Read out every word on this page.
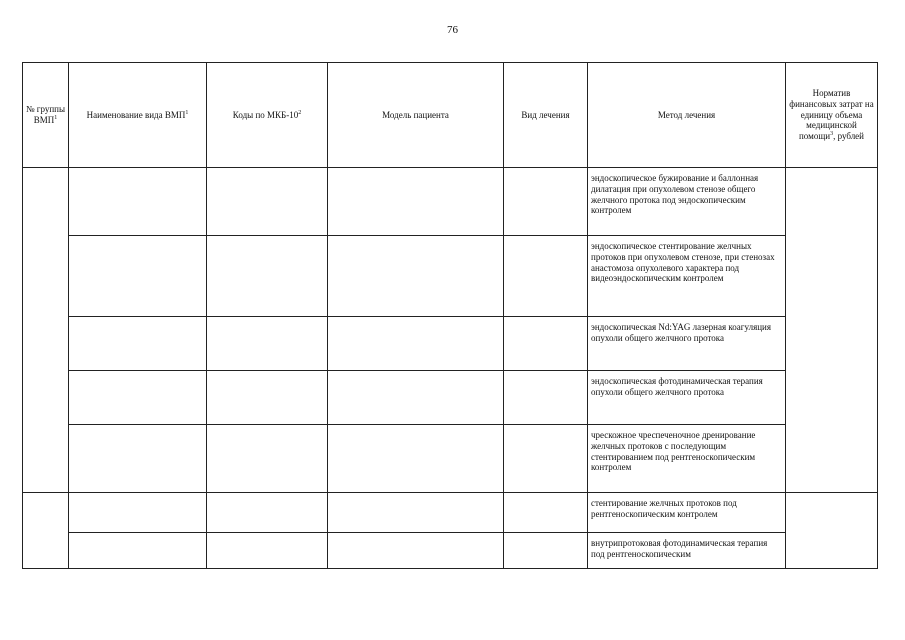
76
№ группы ВМП$^1$	Наименование вида ВМП$^1$	Коды по МКБ-$10^2$	Модель пациента	Вид лечения	Метод лечения	Норматив финансовых затрат на единицу объема медицинской помощи$^3$, рублей
					эндоскопическое бужирование и баллонная дилатация при опухолевом стенозе общего желчного протока под эндоскопическим контролем	
					эндоскопическое стентирование желчных протоков при опухолевом стенозе, при стенозах анастомоза опухолевого характера под видеоэндоскопическим контролем	
					эндоскопическая Nd:YAG лазерная коагуляция опухоли общего желчного протока	
					эндоскопическая фотодинамическая терапия опухоли общего желчного протока	
					чрескожное чреспеченочное дренирование желчных протоков с последующим стентированием под рентгеноскопическим контролем	
					стентирование желчных протоков под рентгеноскопическим контролем	
					внутрипротоковая фотодинамическая терапия под рентгеноскопическим	
